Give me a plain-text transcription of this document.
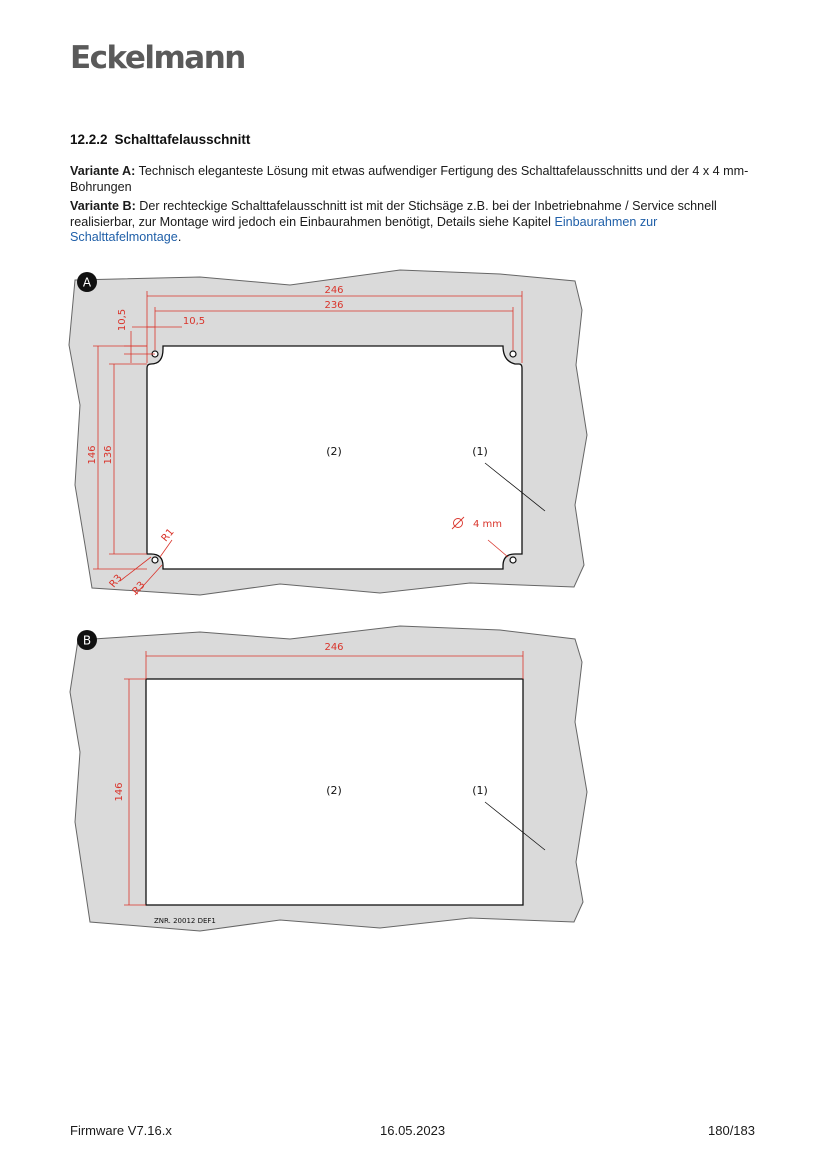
Eckelmann
12.2.2 Schalttafelausschnitt
Variante A: Technisch eleganteste Lösung mit etwas aufwendiger Fertigung des Schalttafelausschnitts und der 4 x 4 mm-Bohrungen
Variante B: Der rechteckige Schalttafelausschnitt ist mit der Stichsäge z.B. bei der Inbetriebnahme / Service schnell realisierbar, zur Montage wird jedoch ein Einbaurahmen benötigt, Details siehe Kapitel Einbaurahmen zur Schalttafelmontage.
A
246
236
10,5
10,5
146 136
R1
R3 R3
4 mm
(2)	(1)
B	246
146	(2)	(1)
ZNR. 20012 DEF1
Firmware V7.16.x	16.05.2023	180/183
